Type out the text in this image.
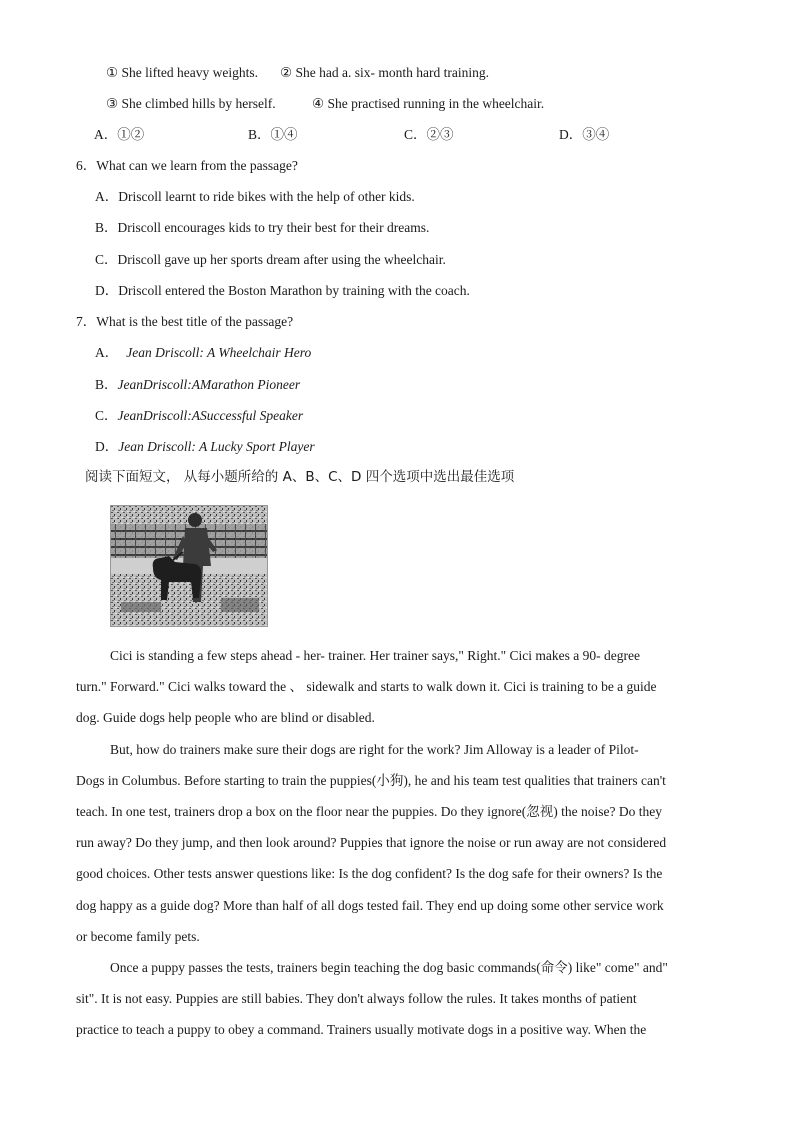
① She lifted heavy weights. ② She had a. six- month hard training.
③ She climbed hills by herself.	④ She practised running in the wheelchair.
A．①②	B．①④	C．②③	D．③④
6．What can we learn from the passage?
A．Driscoll learnt to ride bikes with the help of other kids.
B．Driscoll encourages kids to try their best for their dreams.
C．Driscoll gave up her sports dream after using the wheelchair.
D．Driscoll entered the Boston Marathon by training with the coach.
7．What is the best title of the passage?
A． Jean Driscoll: A Wheelchair Hero
B．JeanDriscoll:AMarathon Pioneer
C．JeanDriscoll:ASuccessful Speaker
D．Jean Driscoll: A Lucky Sport Player
阅读下面短文， 从每小题所给的 A、B、C、D 四个选项中选出最佳选项
Cici is standing a few steps ahead - her- trainer. Her trainer says," Right." Cici makes a 90- degree
turn." Forward." Cici walks toward the 、 sidewalk and starts to walk down it. Cici is training to be a guide
dog. Guide dogs help people who are blind or disabled.
But, how do trainers make sure their dogs are right for the work? Jim Alloway is a leader of Pilot-
Dogs in Columbus. Before starting to train the puppies(小狗), he and his team test qualities that trainers can't
teach. In one test, trainers drop a box on the floor near the puppies. Do they ignore(忽视) the noise? Do they
run away? Do they jump, and then look around? Puppies that ignore the noise or run away are not considered
good choices. Other tests answer questions like: Is the dog confident? Is the dog safe for their owners? Is the
dog happy as a guide dog? More than half of all dogs tested fail. They end up doing some other service work
or become family pets.
Once a puppy passes the tests, trainers begin teaching the dog basic commands(命令) like" come" and"
sit". It is not easy. Puppies are still babies. They don't always follow the rules. It takes months of patient
practice to teach a puppy to obey a command. Trainers usually motivate dogs in a positive way. When the
